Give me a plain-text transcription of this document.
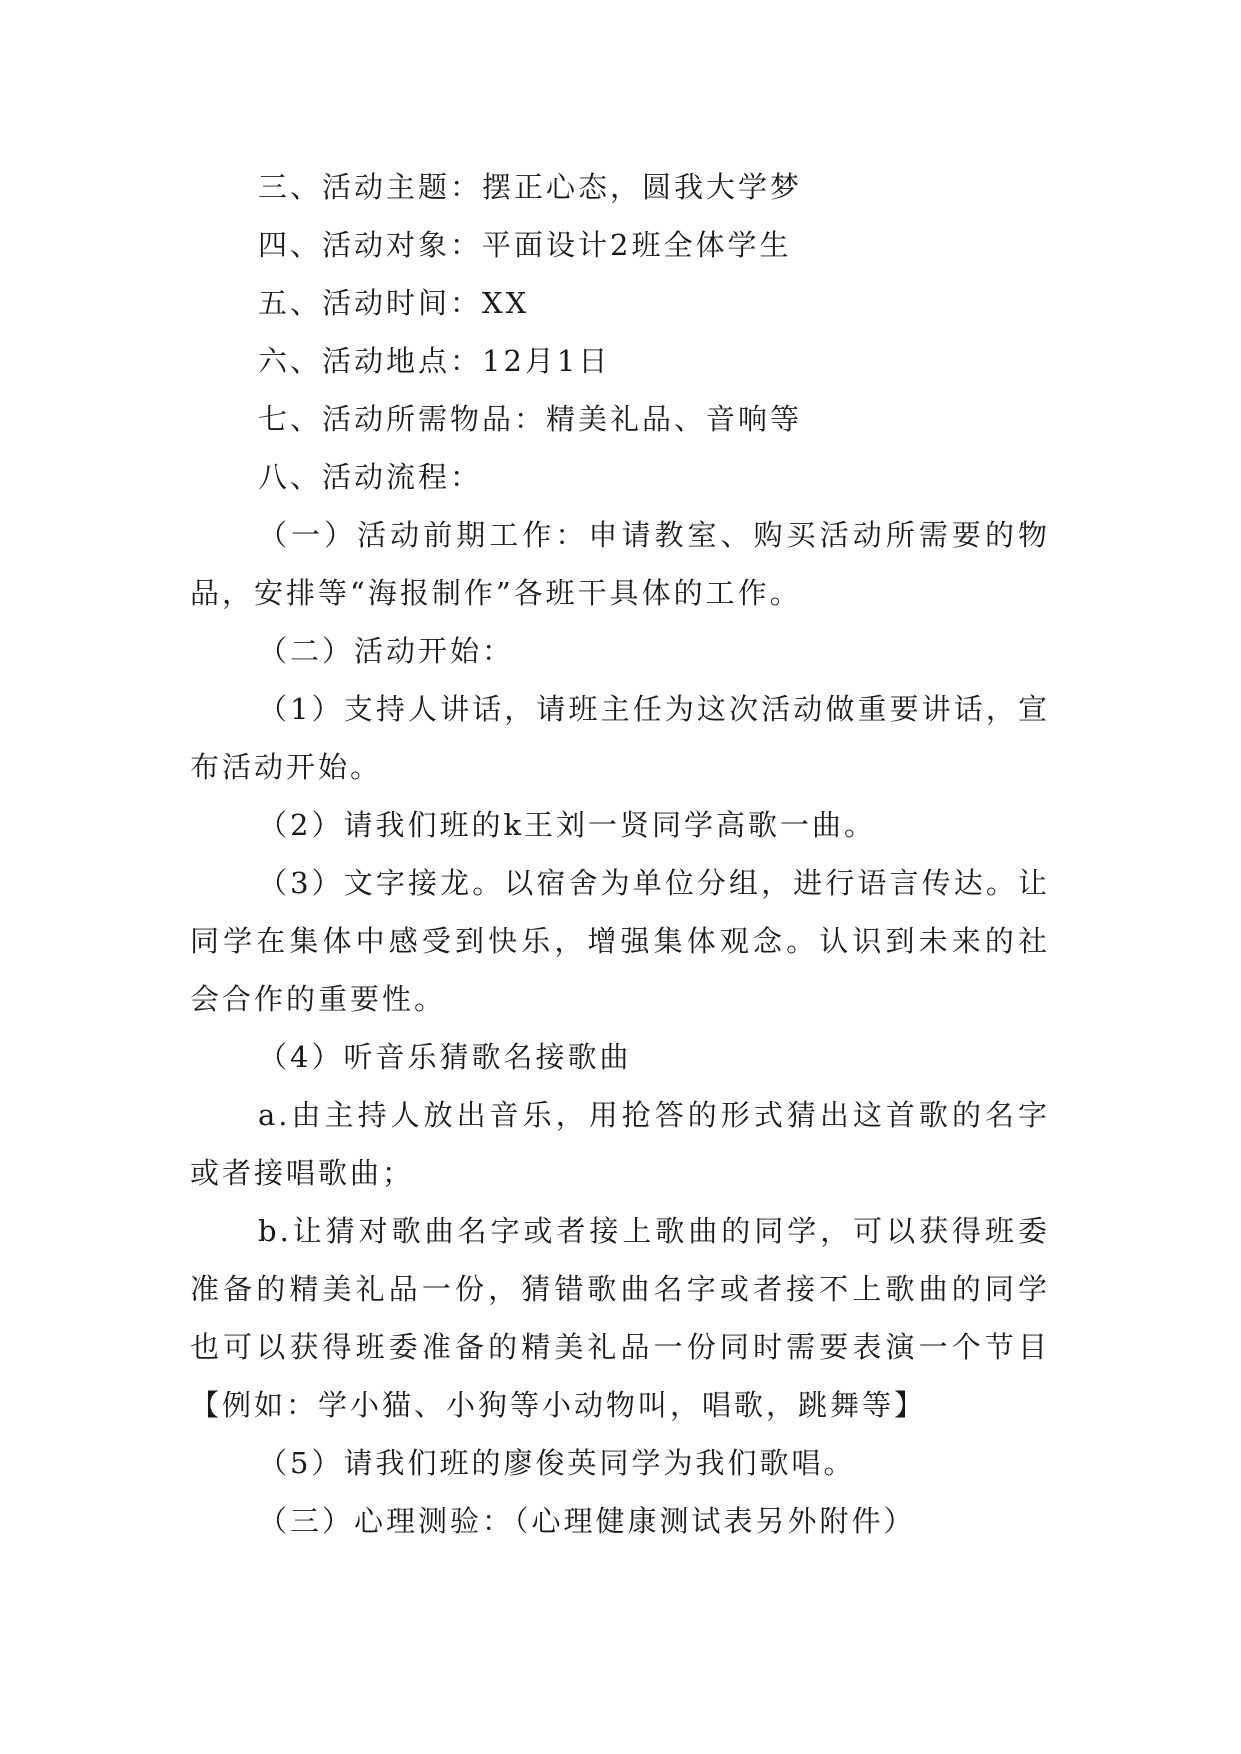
三、活动主题：摆正心态，圆我大学梦

四、活动对象：平面设计2班全体学生

五、活动时间：XX

六、活动地点：12月1日

七、活动所需物品：精美礼品、音响等

八、活动流程：

（一）活动前期工作：申请教室、购买活动所需要的物品，安排等“海报制作”各班干具体的工作。

（二）活动开始：

（1）支持人讲话，请班主任为这次活动做重要讲话，宣布活动开始。

（2）请我们班的k王刘一贤同学高歌一曲。

（3）文字接龙。以宿舍为单位分组，进行语言传达。让同学在集体中感受到快乐，增强集体观念。认识到未来的社会合作的重要性。

（4）听音乐猜歌名接歌曲

a.由主持人放出音乐，用抢答的形式猜出这首歌的名字或者接唱歌曲；

b.让猜对歌曲名字或者接上歌曲的同学，可以获得班委准备的精美礼品一份，猜错歌曲名字或者接不上歌曲的同学也可以获得班委准备的精美礼品一份同时需要表演一个节目【例如：学小猫、小狗等小动物叫，唱歌，跳舞等】

（5）请我们班的廖俊英同学为我们歌唱。

（三）心理测验：（心理健康测试表另外附件）
